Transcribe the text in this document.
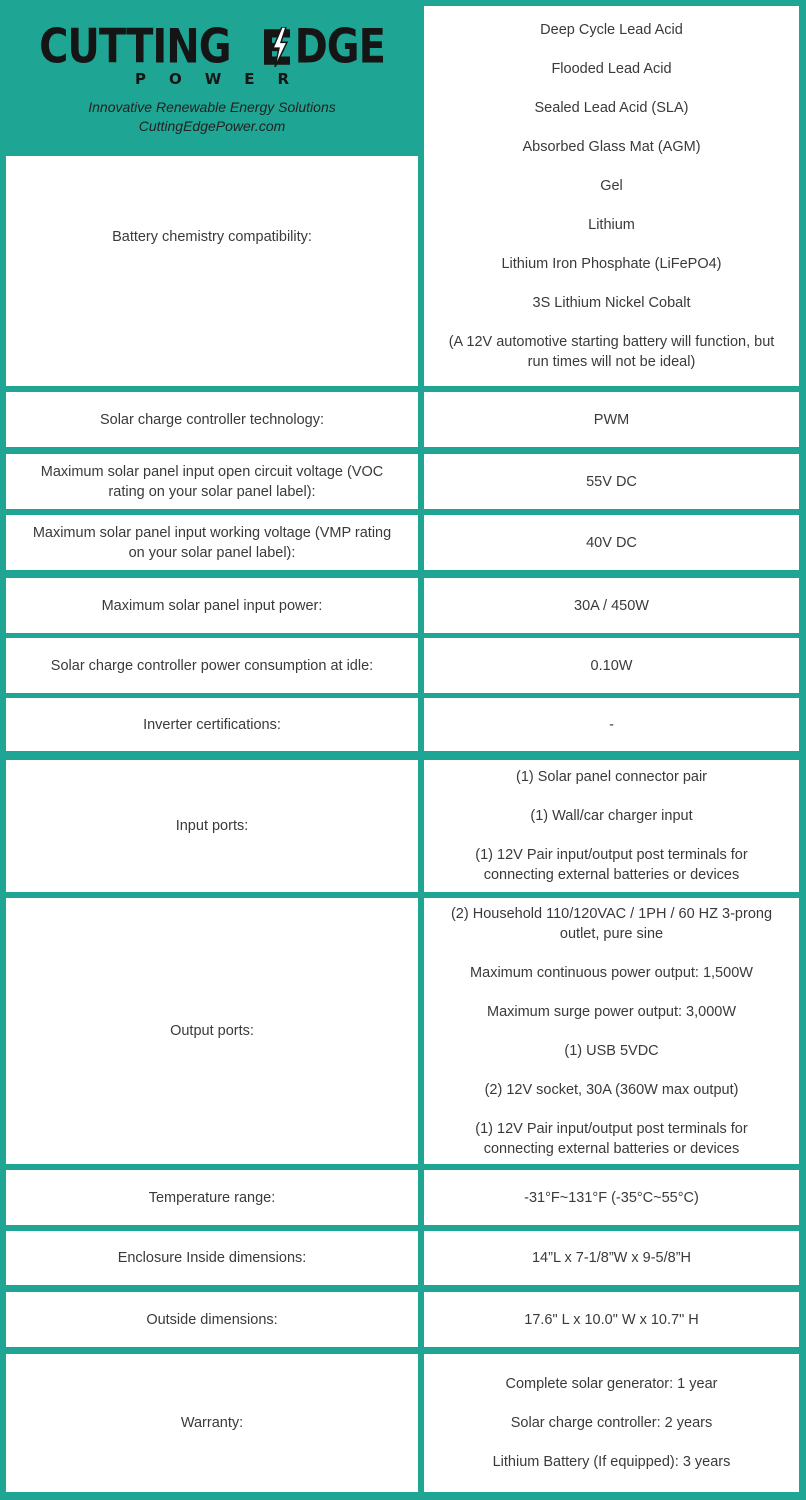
CUTTING DGE
POWER
Innovative Renewable Energy Solutions
CuttingEdgePower.com
Battery chemistry compatibility:
Deep Cycle Lead Acid
Flooded Lead Acid
Sealed Lead Acid (SLA)
Absorbed Glass Mat (AGM)
Gel
Lithium
Lithium Iron Phosphate (LiFePO4)
3S Lithium Nickel Cobalt
(A 12V automotive starting battery will function, but run times will not be ideal)
Solar charge controller technology:	PWM
Maximum solar panel input open circuit voltage (VOC rating on your solar panel label):
55V DC
Maximum solar panel input working voltage (VMP rating on your solar panel label):
40V DC
Maximum solar panel input power:	30A / 450W
Solar charge controller power consumption at idle:	0.10W
Inverter certifications:	-
Input ports:
(1) Solar panel connector pair
(1) Wall/car charger input
(1) 12V Pair input/output post terminals for connecting external batteries or devices
Output ports:
(2) Household 110/120VAC / 1PH / 60 HZ 3-prong outlet, pure sine
Maximum continuous power output: 1,500W
Maximum surge power output: 3,000W
(1) USB 5VDC
(2) 12V socket, 30A (360W max output)
(1) 12V Pair input/output post terminals for connecting external batteries or devices
Temperature range:	-31°F~131°F (-35°C~55°C)
Enclosure Inside dimensions:	14”L x 7-1/8”W x 9-5/8”H
Outside dimensions:	17.6" L x 10.0" W x 10.7" H
Warranty:
Complete solar generator: 1 year
Solar charge controller: 2 years
Lithium Battery (If equipped): 3 years
